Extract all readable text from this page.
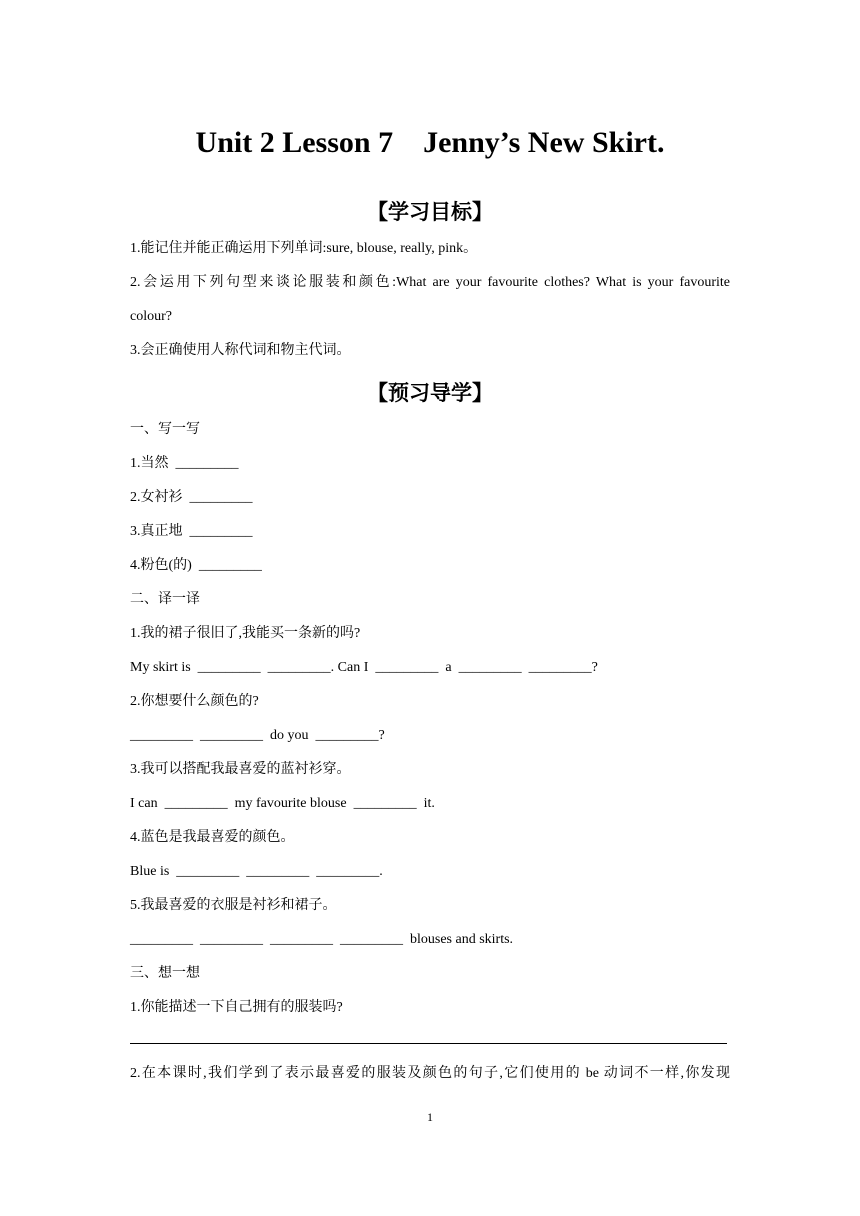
Unit 2 Lesson 7    Jenny’s New Skirt.
【学习目标】
1.能记住并能正确运用下列单词:sure, blouse, really, pink。
2.会运用下列句型来谈论服装和颜色:What are your favourite clothes? What is your favourite
colour?
3.会正确使用人称代词和物主代词。
【预习导学】
一、写一写
1.当然  _________
2.女衬衫  _________
3.真正地  _________
4.粉色(的)  _________
二、译一译
1.我的裙子很旧了,我能买一条新的吗?
My skirt is  _________  _________. Can I  _________  a  _________  _________?
2.你想要什么颜色的?
_________  _________  do you  _________?
3.我可以搭配我最喜爱的蓝衬衫穿。
I can  _________  my favourite blouse  _________  it.
4.蓝色是我最喜爱的颜色。
Blue is  _________  _________  _________.
5.我最喜爱的衣服是衬衫和裙子。
_________  _________  _________  _________  blouses and skirts.
三、想一想
1.你能描述一下自己拥有的服装吗?
2.在本课时,我们学到了表示最喜爱的服装及颜色的句子,它们使用的 be 动词不一样,你发现
1
